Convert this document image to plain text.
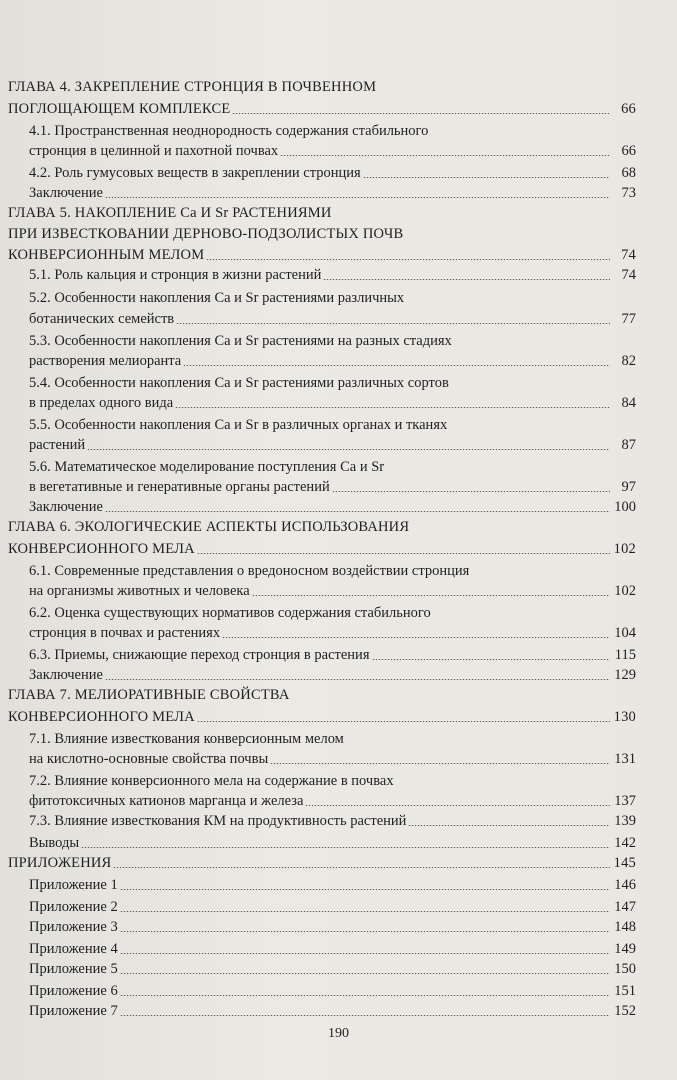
ГЛАВА 4. ЗАКРЕПЛЕНИЕ СТРОНЦИЯ В ПОЧВЕННОМ
ПОГЛОЩАЮЩЕМ КОМПЛЕКСЕ	66
4.1. Пространственная неоднородность содержания стабильного
стронция в целинной и пахотной почвах	66
4.2. Роль гумусовых веществ в закреплении стронция	68
Заключение	73
ГЛАВА 5. НАКОПЛЕНИЕ Ca И Sr РАСТЕНИЯМИ
ПРИ ИЗВЕСТКОВАНИИ ДЕРНОВО-ПОДЗОЛИСТЫХ ПОЧВ
КОНВЕРСИОННЫМ МЕЛОМ	74
5.1. Роль кальция и стронция в жизни растений	74
5.2. Особенности накопления Ca и Sr растениями различных
ботанических семейств	77
5.3. Особенности накопления Ca и Sr растениями на разных стадиях
растворения мелиоранта	82
5.4. Особенности накопления Ca и Sr растениями различных сортов
в пределах одного вида	84
5.5. Особенности накопления Ca и Sr в различных органах и тканях
растений	87
5.6. Математическое моделирование поступления Ca и Sr
в вегетативные и генеративные органы растений	97
Заключение	100
ГЛАВА 6. ЭКОЛОГИЧЕСКИЕ АСПЕКТЫ ИСПОЛЬЗОВАНИЯ
КОНВЕРСИОННОГО МЕЛА	102
6.1. Современные представления о вредоносном воздействии стронция
на организмы животных и человека	102
6.2. Оценка существующих нормативов содержания стабильного
стронция в почвах и растениях	104
6.3. Приемы, снижающие переход стронция в растения	115
Заключение	129
ГЛАВА 7. МЕЛИОРАТИВНЫЕ СВОЙСТВА
КОНВЕРСИОННОГО МЕЛА	130
7.1. Влияние известкования конверсионным мелом
на кислотно-основные свойства почвы	131
7.2. Влияние конверсионного мела на содержание в почвах
фитотоксичных катионов марганца и железа	137
7.3. Влияние известкования КМ на продуктивность растений	139
Выводы	142
ПРИЛОЖЕНИЯ	145
Приложение 1	146
Приложение 2	147
Приложение 3	148
Приложение 4	149
Приложение 5	150
Приложение 6	151
Приложение 7	152
190
